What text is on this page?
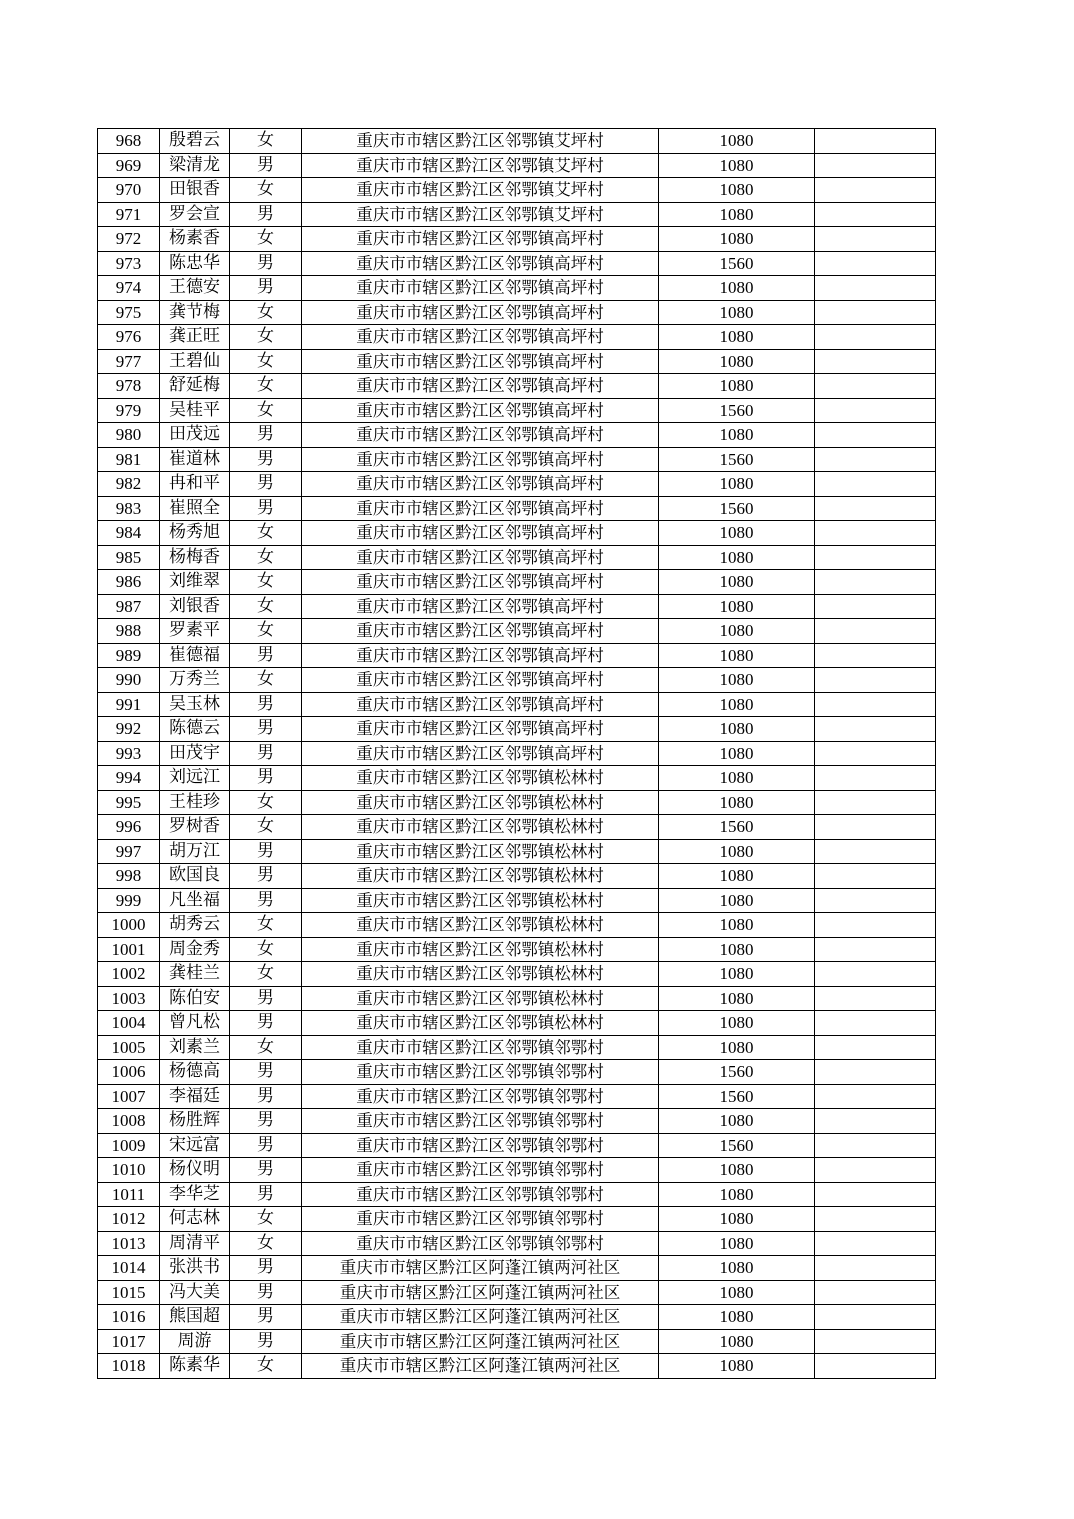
968	殷碧云	女	重庆市市辖区黔江区邻鄂镇艾坪村	1080	
969	梁清龙	男	重庆市市辖区黔江区邻鄂镇艾坪村	1080	
970	田银香	女	重庆市市辖区黔江区邻鄂镇艾坪村	1080	
971	罗会宣	男	重庆市市辖区黔江区邻鄂镇艾坪村	1080	
972	杨素香	女	重庆市市辖区黔江区邻鄂镇高坪村	1080	
973	陈忠华	男	重庆市市辖区黔江区邻鄂镇高坪村	1560	
974	王德安	男	重庆市市辖区黔江区邻鄂镇高坪村	1080	
975	龚节梅	女	重庆市市辖区黔江区邻鄂镇高坪村	1080	
976	龚正旺	女	重庆市市辖区黔江区邻鄂镇高坪村	1080	
977	王碧仙	女	重庆市市辖区黔江区邻鄂镇高坪村	1080	
978	舒延梅	女	重庆市市辖区黔江区邻鄂镇高坪村	1080	
979	吴桂平	女	重庆市市辖区黔江区邻鄂镇高坪村	1560	
980	田茂远	男	重庆市市辖区黔江区邻鄂镇高坪村	1080	
981	崔道林	男	重庆市市辖区黔江区邻鄂镇高坪村	1560	
982	冉和平	男	重庆市市辖区黔江区邻鄂镇高坪村	1080	
983	崔照全	男	重庆市市辖区黔江区邻鄂镇高坪村	1560	
984	杨秀旭	女	重庆市市辖区黔江区邻鄂镇高坪村	1080	
985	杨梅香	女	重庆市市辖区黔江区邻鄂镇高坪村	1080	
986	刘维翠	女	重庆市市辖区黔江区邻鄂镇高坪村	1080	
987	刘银香	女	重庆市市辖区黔江区邻鄂镇高坪村	1080	
988	罗素平	女	重庆市市辖区黔江区邻鄂镇高坪村	1080	
989	崔德福	男	重庆市市辖区黔江区邻鄂镇高坪村	1080	
990	万秀兰	女	重庆市市辖区黔江区邻鄂镇高坪村	1080	
991	吴玉林	男	重庆市市辖区黔江区邻鄂镇高坪村	1080	
992	陈德云	男	重庆市市辖区黔江区邻鄂镇高坪村	1080	
993	田茂宇	男	重庆市市辖区黔江区邻鄂镇高坪村	1080	
994	刘远江	男	重庆市市辖区黔江区邻鄂镇松林村	1080	
995	王桂珍	女	重庆市市辖区黔江区邻鄂镇松林村	1080	
996	罗树香	女	重庆市市辖区黔江区邻鄂镇松林村	1560	
997	胡万江	男	重庆市市辖区黔江区邻鄂镇松林村	1080	
998	欧国良	男	重庆市市辖区黔江区邻鄂镇松林村	1080	
999	凡坐福	男	重庆市市辖区黔江区邻鄂镇松林村	1080	
1000	胡秀云	女	重庆市市辖区黔江区邻鄂镇松林村	1080	
1001	周金秀	女	重庆市市辖区黔江区邻鄂镇松林村	1080	
1002	龚桂兰	女	重庆市市辖区黔江区邻鄂镇松林村	1080	
1003	陈伯安	男	重庆市市辖区黔江区邻鄂镇松林村	1080	
1004	曾凡松	男	重庆市市辖区黔江区邻鄂镇松林村	1080	
1005	刘素兰	女	重庆市市辖区黔江区邻鄂镇邻鄂村	1080	
1006	杨德高	男	重庆市市辖区黔江区邻鄂镇邻鄂村	1560	
1007	李福廷	男	重庆市市辖区黔江区邻鄂镇邻鄂村	1560	
1008	杨胜辉	男	重庆市市辖区黔江区邻鄂镇邻鄂村	1080	
1009	宋远富	男	重庆市市辖区黔江区邻鄂镇邻鄂村	1560	
1010	杨仪明	男	重庆市市辖区黔江区邻鄂镇邻鄂村	1080	
1011	李华芝	男	重庆市市辖区黔江区邻鄂镇邻鄂村	1080	
1012	何志林	女	重庆市市辖区黔江区邻鄂镇邻鄂村	1080	
1013	周清平	女	重庆市市辖区黔江区邻鄂镇邻鄂村	1080	
1014	张洪书	男	重庆市市辖区黔江区阿蓬江镇两河社区	1080	
1015	冯大美	男	重庆市市辖区黔江区阿蓬江镇两河社区	1080	
1016	熊国超	男	重庆市市辖区黔江区阿蓬江镇两河社区	1080	
1017	周游	男	重庆市市辖区黔江区阿蓬江镇两河社区	1080	
1018	陈素华	女	重庆市市辖区黔江区阿蓬江镇两河社区	1080	
